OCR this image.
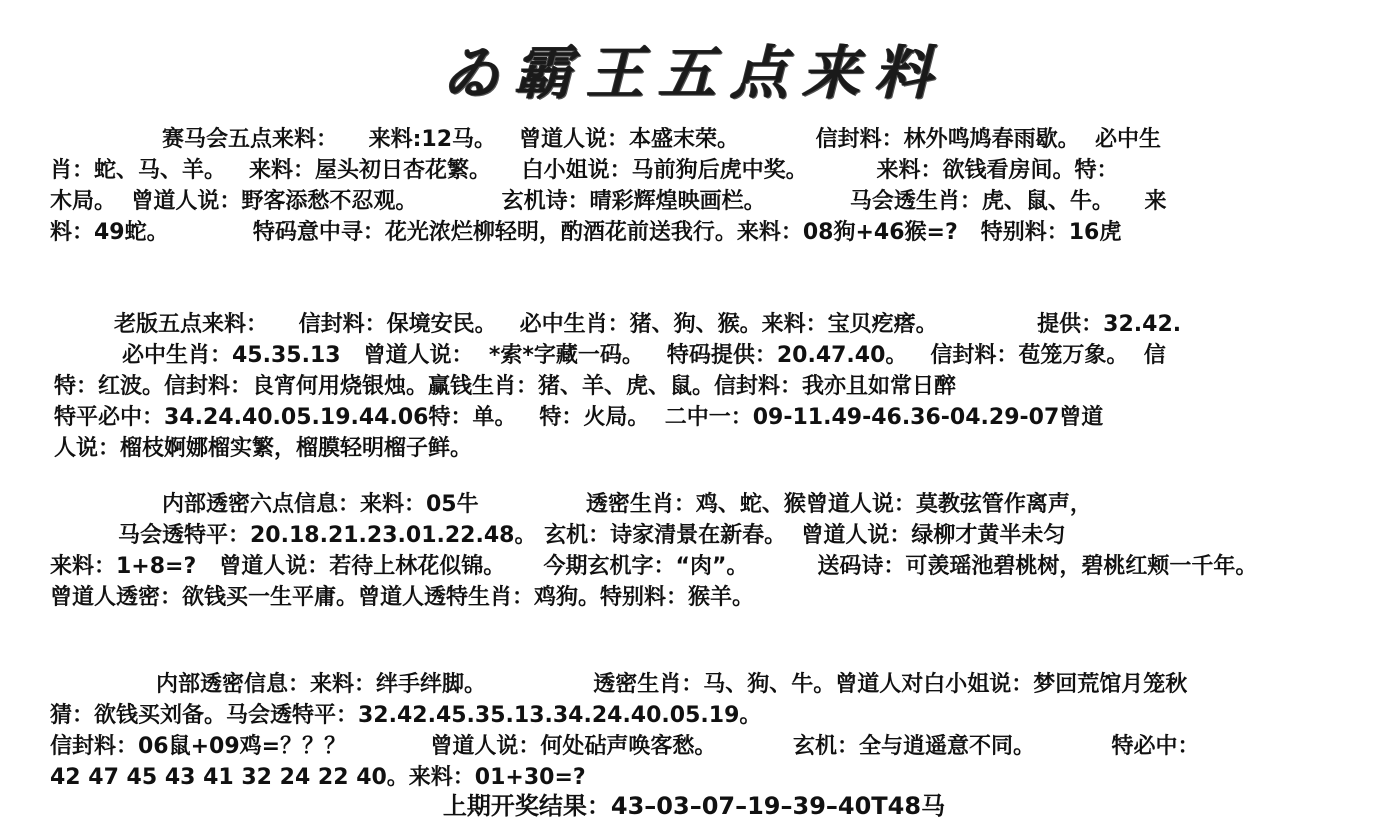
ゐ霸王五点来料
赛马会五点来料：    来料:12马。   曾道人说：本盛末荣。          信封料：林外鸣鸠春雨歇。  必中生
肖：蛇、马、羊。   来料：屋头初日杏花繁。    白小姐说：马前狗后虎中奖。         来料：欲钱看房间。特：
木局。  曾道人说：野客添愁不忍观。           玄机诗：晴彩辉煌映画栏。           马会透生肖：虎、鼠、牛。    来
料：49蛇。           特码意中寻：花光浓烂柳轻明，酌酒花前送我行。来料：08狗+46猴=?   特别料：16虎
老版五点来料：    信封料：保境安民。   必中生肖：猪、狗、猴。来料：宝贝疙瘩。             提供：32.42.
必中生肖：45.35.13   曾道人说：  *索*字藏一码。   特码提供：20.47.40。   信封料：苞笼万象。  信
特：红波。信封料：良宵何用烧银烛。赢钱生肖：猪、羊、虎、鼠。信封料：我亦且如常日醉
特平必中：34.24.40.05.19.44.06特：单。   特：火局。  二中一：09-11.49-46.36-04.29-07曾道
人说：榴枝婀娜榴实繁，榴膜轻明榴子鲜。
内部透密六点信息：来料：05牛              透密生肖：鸡、蛇、猴曾道人说：莫教弦管作离声，
马会透特平：20.18.21.23.01.22.48。 玄机：诗家清景在新春。  曾道人说：绿柳才黄半未匀
来料：1+8=?   曾道人说：若待上林花似锦。     今期玄机字：“肉”。         送码诗：可羡瑶池碧桃树，碧桃红颊一千年。
曾道人透密：欲钱买一生平庸。曾道人透特生肖：鸡狗。特别料：猴羊。
内部透密信息：来料：绊手绊脚。              透密生肖：马、狗、牛。曾道人对白小姐说：梦回荒馆月笼秋
猜：欲钱买刘备。马会透特平：32.42.45.35.13.34.24.40.05.19。
信封料：06鼠+09鸡=？？？           曾道人说：何处砧声唤客愁。          玄机：全与逍遥意不同。          特必中：
42 47 45 43 41 32 24 22 40。来料：01+30=?
上期开奖结果：43–03–07–19–39–40T48马
